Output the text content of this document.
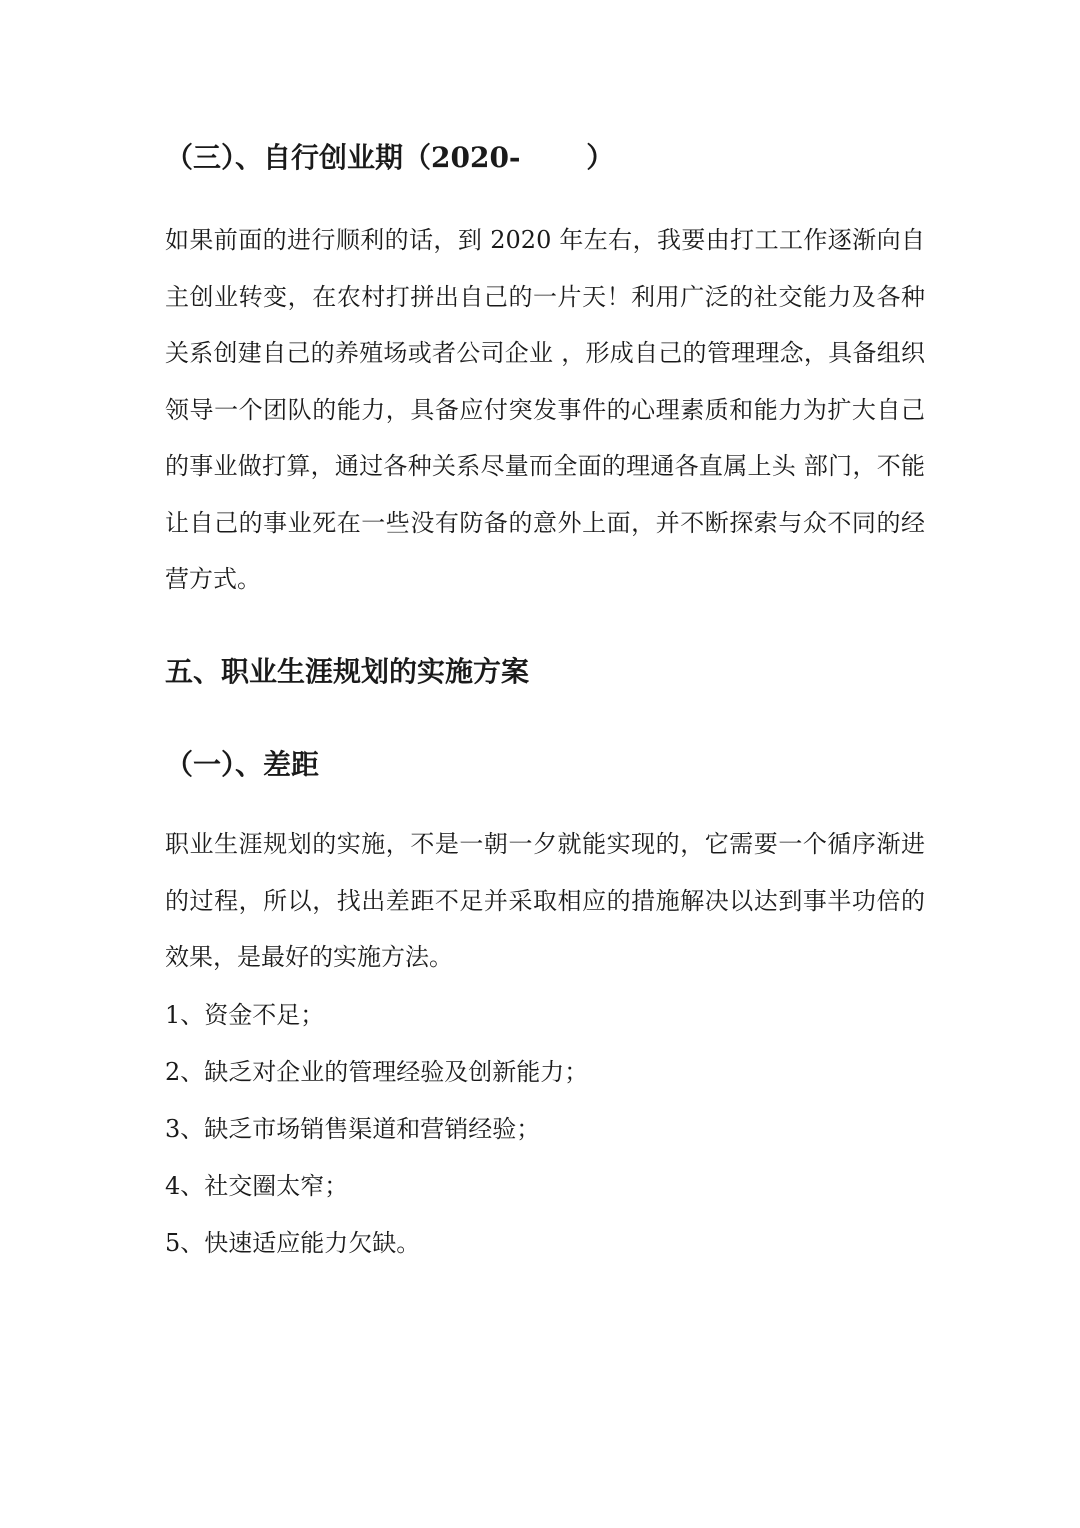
（三）、自行创业期（2020-　　 ）

如果前面的进行顺利的话，到 2020 年左右，我要由打工工作逐渐向自主创业转变，在农村打拼出自己的一片天！利用广泛的社交能力及各种关系创建自己的养殖场或者公司企业 ，形成自己的管理理念，具备组织领导一个团队的能力，具备应付突发事件的心理素质和能力为扩大自己的事业做打算，通过各种关系尽量而全面的理通各直属上头 部门，不能让自己的事业死在一些没有防备的意外上面，并不断探索与众不同的经营方式。

五、职业生涯规划的实施方案
（一）、差距

职业生涯规划的实施，不是一朝一夕就能实现的，它需要一个循序渐进的过程，所以，找出差距不足并采取相应的措施解决以达到事半功倍的效果，是最好的实施方法。

1、资金不足；
2、缺乏对企业的管理经验及创新能力；
3、缺乏市场销售渠道和营销经验；
4、社交圈太窄；
5、快速适应能力欠缺。
